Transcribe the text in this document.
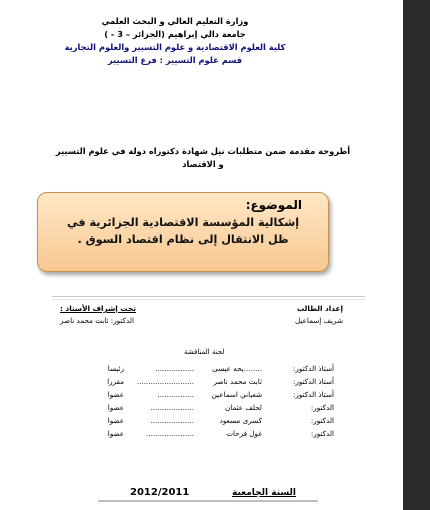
وزارة التعليم العالي و البحث العلمي
جامعة دالي إبراهيم (الجزائر – 3 - )
كلية العلوم الاقتصادية و علوم التسيير والعلوم التجارية
قسم علوم التسيير : فرع التسيير
أطروحة مقدمة ضمن متطلبات نيل شهادة دكتوراه دولة في علوم التسيير و الاقتصاد
الموضوع:
إشكالية المؤسسة الاقتصادية الجزائرية في ظل الانتقال إلى نظام اقتصاد السوق .
إعداد الطالب
شريف إسماعيل
تحت إشراف الأستاذ :
الدكتور: ثابت محمد ناصر
لجنة المناقشة
أستاذ الدكتور:
........يحه عيسى
.................
رئيسا
أستاذ الدكتور:
ثابت محمد ناصر
.........................
مقررا
أستاذ الدكتور:
شعباني اسماعين
................
عضوا
الدكتور:
لحلف عثمان
...................
عضوا
الدكتور:
كسرى مسعود
...................
عضوا
الدكتور:
غول فرحات
.....................
عضوا
السنة الجامعية
2012/2011
